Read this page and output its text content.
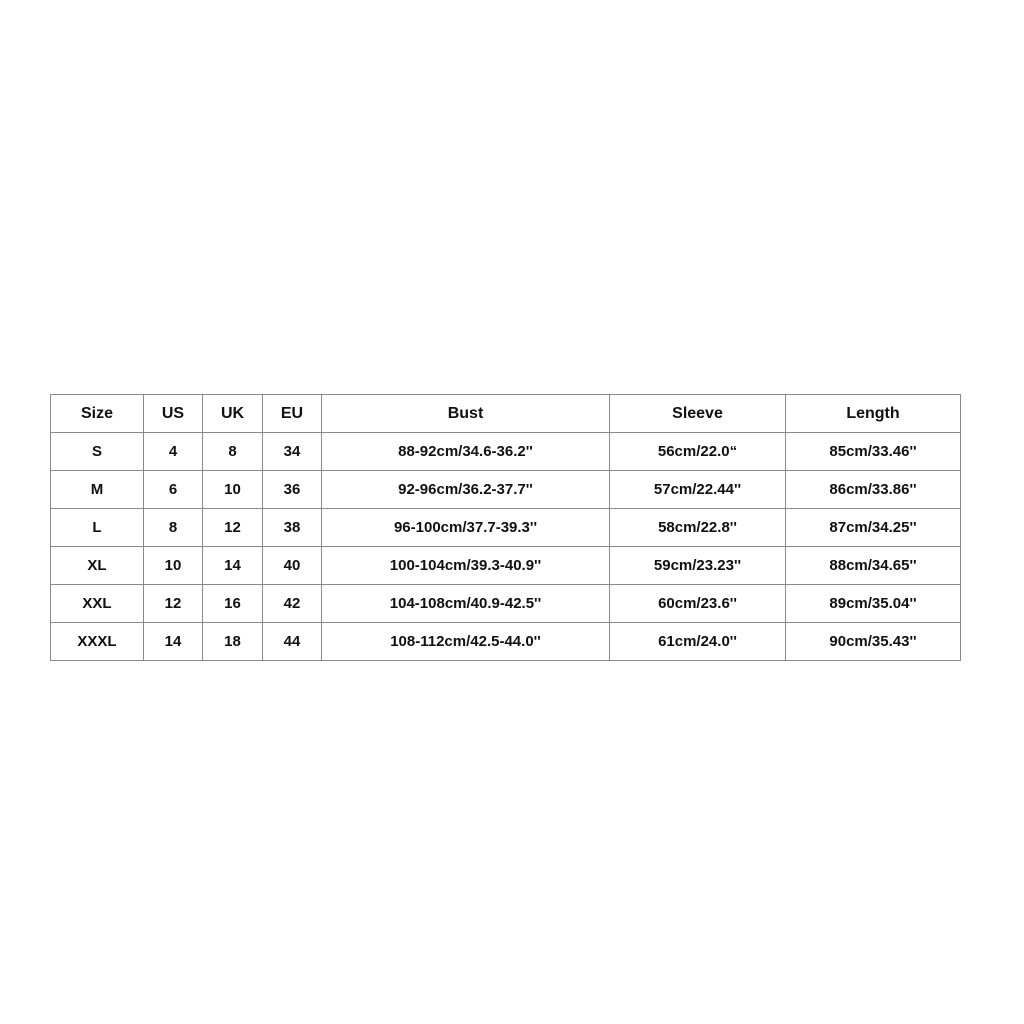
Size	US	UK	EU	Bust	Sleeve	Length
S	4	8	34	88-92cm/34.6-36.2''	56cm/22.0“	85cm/33.46''
M	6	10	36	92-96cm/36.2-37.7''	57cm/22.44''	86cm/33.86''
L	8	12	38	96-100cm/37.7-39.3''	58cm/22.8''	87cm/34.25''
XL	10	14	40	100-104cm/39.3-40.9''	59cm/23.23''	88cm/34.65''
XXL	12	16	42	104-108cm/40.9-42.5''	60cm/23.6''	89cm/35.04''
XXXL	14	18	44	108-112cm/42.5-44.0''	61cm/24.0''	90cm/35.43''
